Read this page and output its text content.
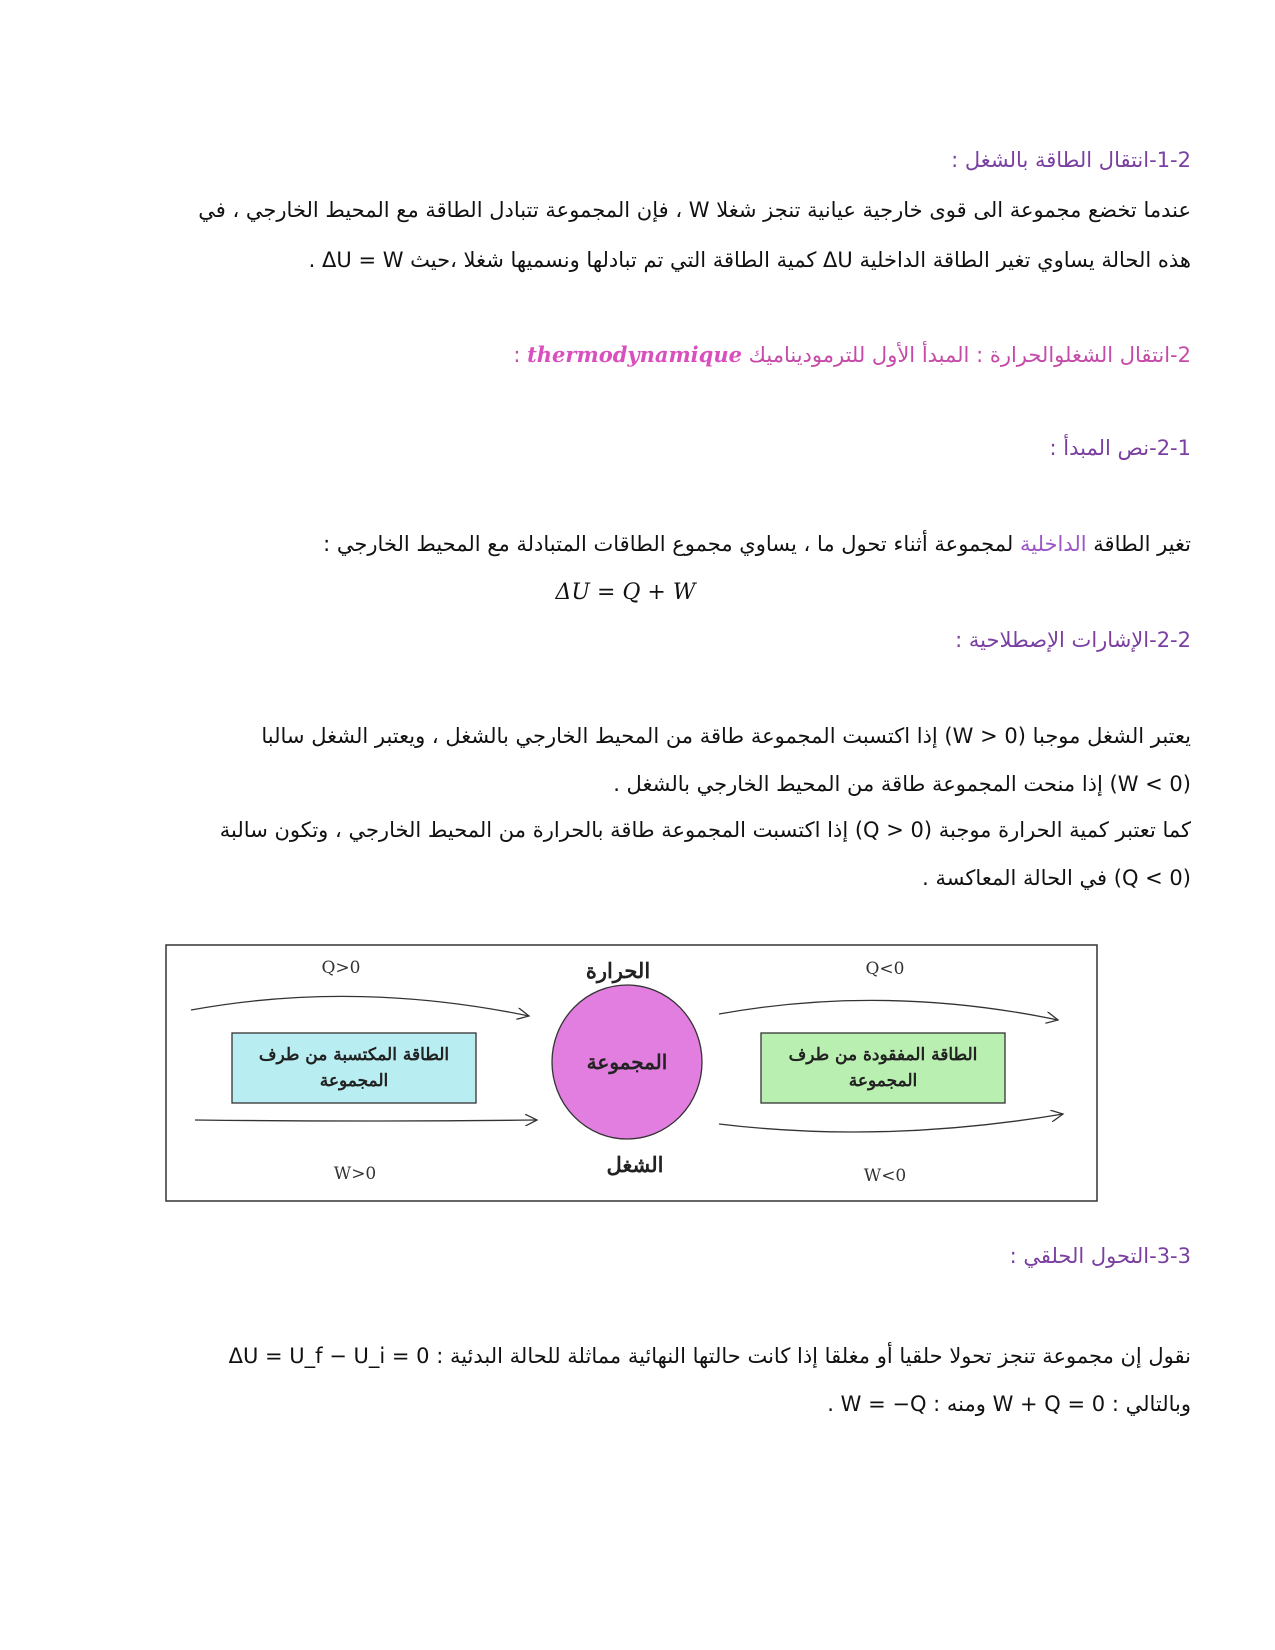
1-2-انتقال الطاقة بالشغل :
عندما تخضع مجموعة الى قوى خارجية عيانية تنجز شغلا W ، فإن المجموعة تتبادل الطاقة مع المحيط الخارجي ، في
هذه الحالة يساوي تغير الطاقة الداخلية ΔU كمية الطاقة التي تم تبادلها ونسميها شغلا ،حيث ΔU = W .
2-انتقال الشغلوالحرارة : المبدأ الأول للترموديناميك thermodynamique :
2-1-نص المبدأ :
تغير الطاقة الداخلية لمجموعة أثناء تحول ما ، يساوي مجموع الطاقات المتبادلة مع المحيط الخارجي :
ΔU = Q + W
2-2-الإشارات الإصطلاحية :
يعتبر الشغل موجبا (W > 0) إذا اكتسبت المجموعة طاقة من المحيط الخارجي بالشغل ، ويعتبر الشغل سالبا
(W < 0) إذا منحت المجموعة طاقة من المحيط الخارجي بالشغل .
كما تعتبر كمية الحرارة موجبة (Q > 0) إذا اكتسبت المجموعة طاقة بالحرارة من المحيط الخارجي ، وتكون سالبة
(Q < 0) في الحالة المعاكسة .
Q>0	Q<0
W>0	W<0
الحرارة
الشغل
الطاقة المكتسبة من طرف
المجموعة
الطاقة المفقودة من طرف
المجموعة
المجموعة
3-3-التحول الحلقي :
نقول إن مجموعة تنجز تحولا حلقيا أو مغلقا إذا كانت حالتها النهائية مماثلة للحالة البدئية : ΔU = U_f − U_i = 0
وبالتالي : W + Q = 0 ومنه : W = −Q .
